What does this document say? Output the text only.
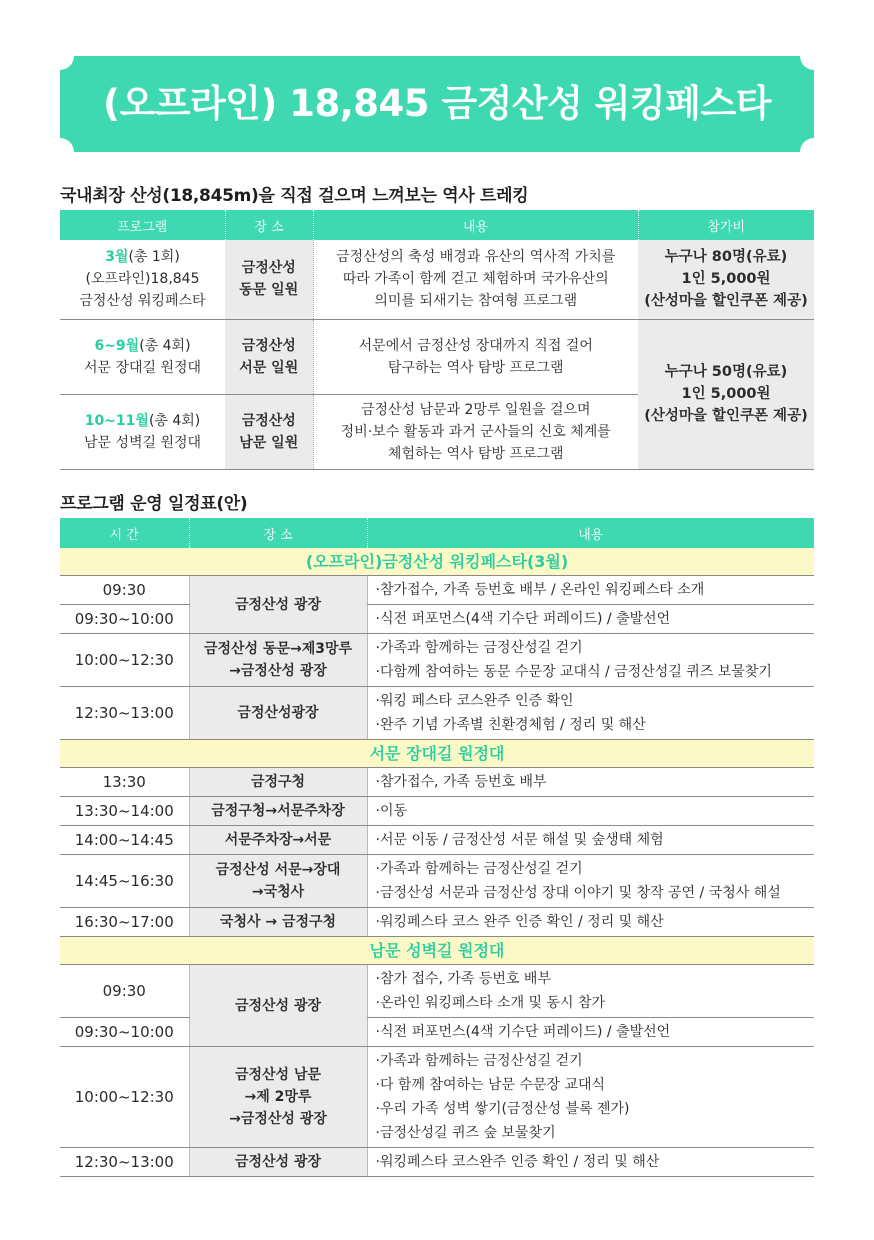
(오프라인) 18,845 금정산성 워킹페스타
국내최장 산성(18,845m)을 직접 걸으며 느껴보는 역사 트레킹
프로그램	장 소	내용	참가비

3월(총 1회)
(오프라인)18,845
금정산성 워킹페스타	금정산성
동문 일원	금정산성의 축성 배경과 유산의 역사적 가치를
따라 가족이 함께 걷고 체험하며 국가유산의
의미를 되새기는 참여형 프로그램	누구나 80명(유료)
1인 5,000원
(산성마을 할인쿠폰 제공)

6~9월(총 4회)
서문 장대길 원정대	금정산성
서문 일원	서문에서 금정산성 장대까지 직접 걸어
탐구하는 역사 탐방 프로그램	누구나 50명(유료)
1인 5,000원
(산성마을 할인쿠폰 제공)

10~11월(총 4회)
남문 성벽길 원정대	금정산성
남문 일원	금정산성 남문과 2망루 일원을 걸으며
정비·보수 활동과 과거 군사들의 신호 체계를
체험하는 역사 탐방 프로그램	
프로그램 운영 일정표(안)
시 간	장 소	내용
(오프라인)금정산성 워킹페스타(3월)		
09:30	금정산성 광장	·참가접수, 가족 등번호 배부 / 온라인 워킹페스타 소개
09:30~10:00		·식전 퍼포먼스(4색 기수단 퍼레이드) / 출발선언
10:00~12:30	금정산성 동문→제3망루
→금정산성 광장	·가족과 함께하는 금정산성길 걷기
·다함께 참여하는 동문 수문장 교대식 / 금정산성길 퀴즈 보물찾기

12:30~13:00	금정산성광장	·워킹 페스타 코스완주 인증 확인
·완주 기념 가족별 친환경체험 / 정리 및 해산

서문 장대길 원정대		
13:30	금정구청	·참가접수, 가족 등번호 배부
13:30~14:00	금정구청→서문주차장	·이동
14:00~14:45	서문주차장→서문	·서문 이동 / 금정산성 서문 해설 및 숲생태 체험
14:45~16:30	금정산성 서문→장대
→국청사	·가족과 함께하는 금정산성길 걷기
·금정산성 서문과 금정산성 장대 이야기 및 창작 공연 / 국청사 해설

16:30~17:00	국청사 → 금정구청	·워킹페스타 코스 완주 인증 확인 / 정리 및 해산
남문 성벽길 원정대		
09:30	금정산성 광장	·참가 접수, 가족 등번호 배부
·온라인 워킹페스타 소개 및 동시 참가

09:30~10:00		·식전 퍼포먼스(4색 기수단 퍼레이드) / 출발선언
10:00~12:30	금정산성 남문
→제 2망루
→금정산성 광장	·가족과 함께하는 금정산성길 걷기
·다 함께 참여하는 남문 수문장 교대식
·우리 가족 성벽 쌓기(금정산성 블록 젠가)
·금정산성길 퀴즈 숲 보물찾기

12:30~13:00	금정산성 광장	·워킹페스타 코스완주 인증 확인 / 정리 및 해산
